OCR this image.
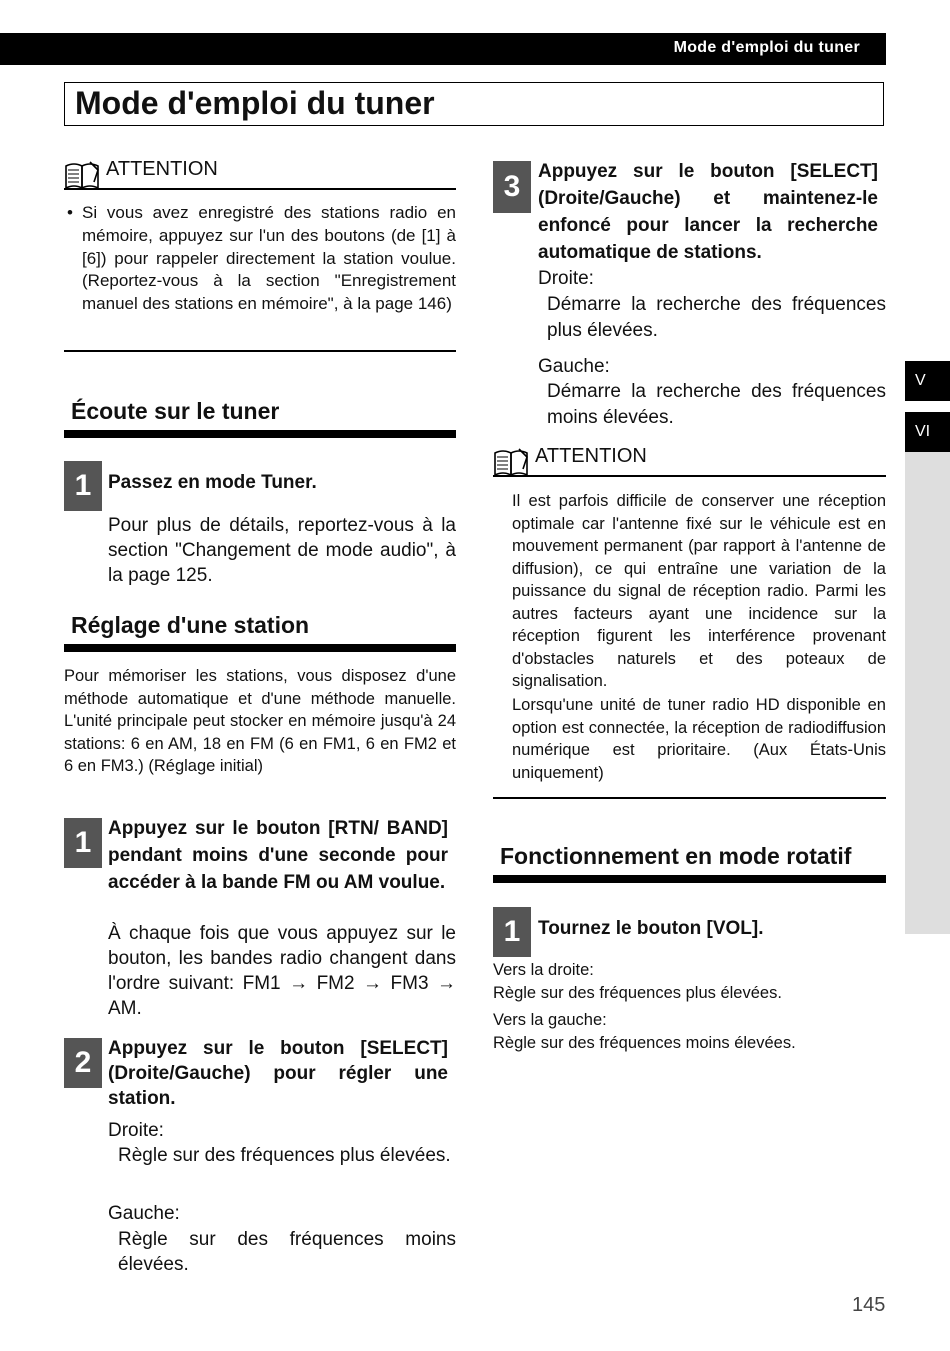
Mode d'emploi du tuner
Mode d'emploi du tuner
V
VI
ATTENTION
• Si vous avez enregistré des stations radio en mémoire, appuyez sur l'un des boutons (de [1] à [6]) pour rappeler directement la station voulue. (Reportez-vous à la section "Enregistrement manuel des stations en mémoire", à la page 146)
Écoute sur le tuner
1 Passez en mode Tuner.
Pour plus de détails, reportez-vous à la section "Changement de mode audio", à la page 125.
Réglage d'une station
Pour mémoriser les stations, vous disposez d'une méthode automatique et d'une méthode manuelle. L'unité principale peut stocker en mémoire jusqu'à 24 stations: 6 en AM, 18 en FM (6 en FM1, 6 en FM2 et 6 en FM3.) (Réglage initial)
1 Appuyez sur le bouton [RTN/ BAND] pendant moins d'une seconde pour accéder à la bande FM ou AM voulue.
À chaque fois que vous appuyez sur le bouton, les bandes radio changent dans l'ordre suivant: FM1 → FM2 → FM3 → AM.
2 Appuyez sur le bouton [SELECT] (Droite/Gauche) pour régler une station.
Droite:
Règle sur des fréquences plus élevées.
Gauche:
Règle sur des fréquences moins élevées.
3 Appuyez sur le bouton [SELECT] (Droite/Gauche) et maintenez-le enfoncé pour lancer la recherche automatique de stations.
Droite:
Démarre la recherche des fréquences plus élevées.
Gauche:
Démarre la recherche des fréquences moins élevées.
ATTENTION
Il est parfois difficile de conserver une réception optimale car l'antenne fixé sur le véhicule est en mouvement permanent (par rapport à l'antenne de diffusion), ce qui entraîne une variation de la puissance du signal de réception radio. Parmi les autres facteurs ayant une incidence sur la réception figurent les interférence provenant d'obstacles naturels et des poteaux de signalisation.
Lorsqu'une unité de tuner radio HD disponible en option est connectée, la réception de radiodiffusion numérique est prioritaire. (Aux États-Unis uniquement)
Fonctionnement en mode rotatif
1 Tournez le bouton [VOL].
Vers la droite:
Règle sur des fréquences plus élevées.
Vers la gauche:
Règle sur des fréquences moins élevées.
145
